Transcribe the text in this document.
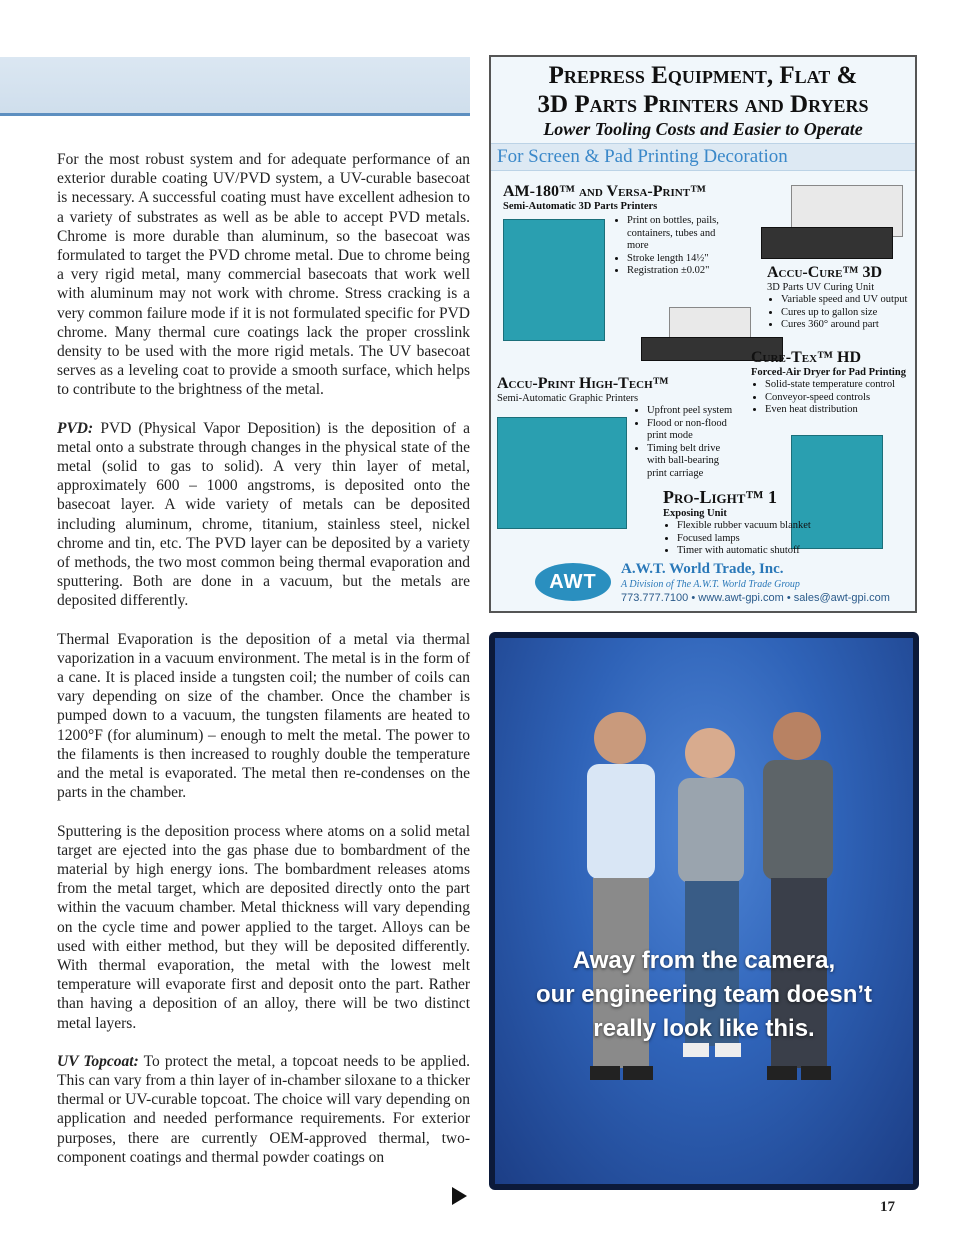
For the most robust system and for adequate performance of an exterior durable coating UV/PVD system, a UV-curable basecoat is necessary. A successful coating must have excellent adhesion to a variety of substrates as well as be able to accept PVD metals. Chrome is more durable than aluminum, so the basecoat was formulated to target the PVD chrome metal. Due to chrome being a very rigid metal, many commercial basecoats that work well with aluminum may not work with chrome. Stress cracking is a very common failure mode if it is not formulated specific for PVD chrome. Many thermal cure coatings lack the proper crosslink density to be used with the more rigid metals. The UV basecoat serves as a leveling coat to provide a smooth surface, which helps to contribute to the brightness of the metal.

PVD: PVD (Physical Vapor Deposition) is the deposition of a metal onto a substrate through changes in the physical state of the metal (solid to gas to solid). A very thin layer of metal, approximately 600 – 1000 angstroms, is deposited onto the basecoat layer. A wide variety of metals can be deposited including aluminum, chrome, titanium, stainless steel, nickel chrome and tin, etc. The PVD layer can be deposited by a variety of methods, the two most common being thermal evaporation and sputtering. Both are done in a vacuum, but the metals are deposited differently.

Thermal Evaporation is the deposition of a metal via thermal vaporization in a vacuum environment. The metal is in the form of a cane. It is placed inside a tungsten coil; the number of coils can vary depending on size of the chamber. Once the chamber is pumped down to a vacuum, the tungsten filaments are heated to 1200°F (for aluminum) – enough to melt the metal. The power to the filaments is then increased to roughly double the temperature and the metal is evaporated. The metal then re-condenses on the parts in the chamber.

Sputtering is the deposition process where atoms on a solid metal target are ejected into the gas phase due to bombardment of the material by high energy ions. The bombardment releases atoms from the metal target, which are deposited directly onto the part within the vacuum chamber. Metal thickness will vary depending on the cycle time and power applied to the target. Alloys can be used with either method, but they will be deposited differently. With thermal evaporation, the metal with the lowest melt temperature will evaporate first and deposit onto the part. Rather than having a deposition of an alloy, there will be two distinct metal layers.

UV Topcoat: To protect the metal, a topcoat needs to be applied. This can vary from a thin layer of in-chamber siloxane to a thicker thermal or UV-curable topcoat. The choice will vary depending on application and needed performance requirements. For exterior purposes, there are currently OEM-approved thermal, two-component coatings and thermal powder coatings on

Prepress Equipment, Flat &
3D Parts Printers and Dryers
Lower Tooling Costs and Easier to Operate
For Screen & Pad Printing Decoration
AM-180™ and Versa-Print™
Semi-Automatic 3D Parts Printers
• Print on bottles, pails, containers, tubes and more
• Stroke length 14½"
• Registration ±0.02"	Accu-Cure™ 3D
3D Parts UV Curing Unit
• Variable speed and UV output
• Cures up to gallon size
• Cures 360° around part
Cure-Tex™ HD
Forced-Air Dryer for Pad Printing
• Solid-state temperature control
• Conveyor-speed controls
• Even heat distribution
Accu-Print High-Tech™
Semi-Automatic Graphic Printers
• Upfront peel system
• Flood or non-flood print mode
• Timing belt drive with ball-bearing print carriage
Pro-Light™ 1
Exposing Unit
• Flexible rubber vacuum blanket
• Focused lamps
• Timer with automatic shutoff
AWT
A.W.T. World Trade, Inc.
A Division of The A.W.T. World Trade Group
773.777.7100 • www.awt-gpi.com • sales@awt-gpi.com
Away from the camera,
our engineering team doesn’t
really look like this.
17
